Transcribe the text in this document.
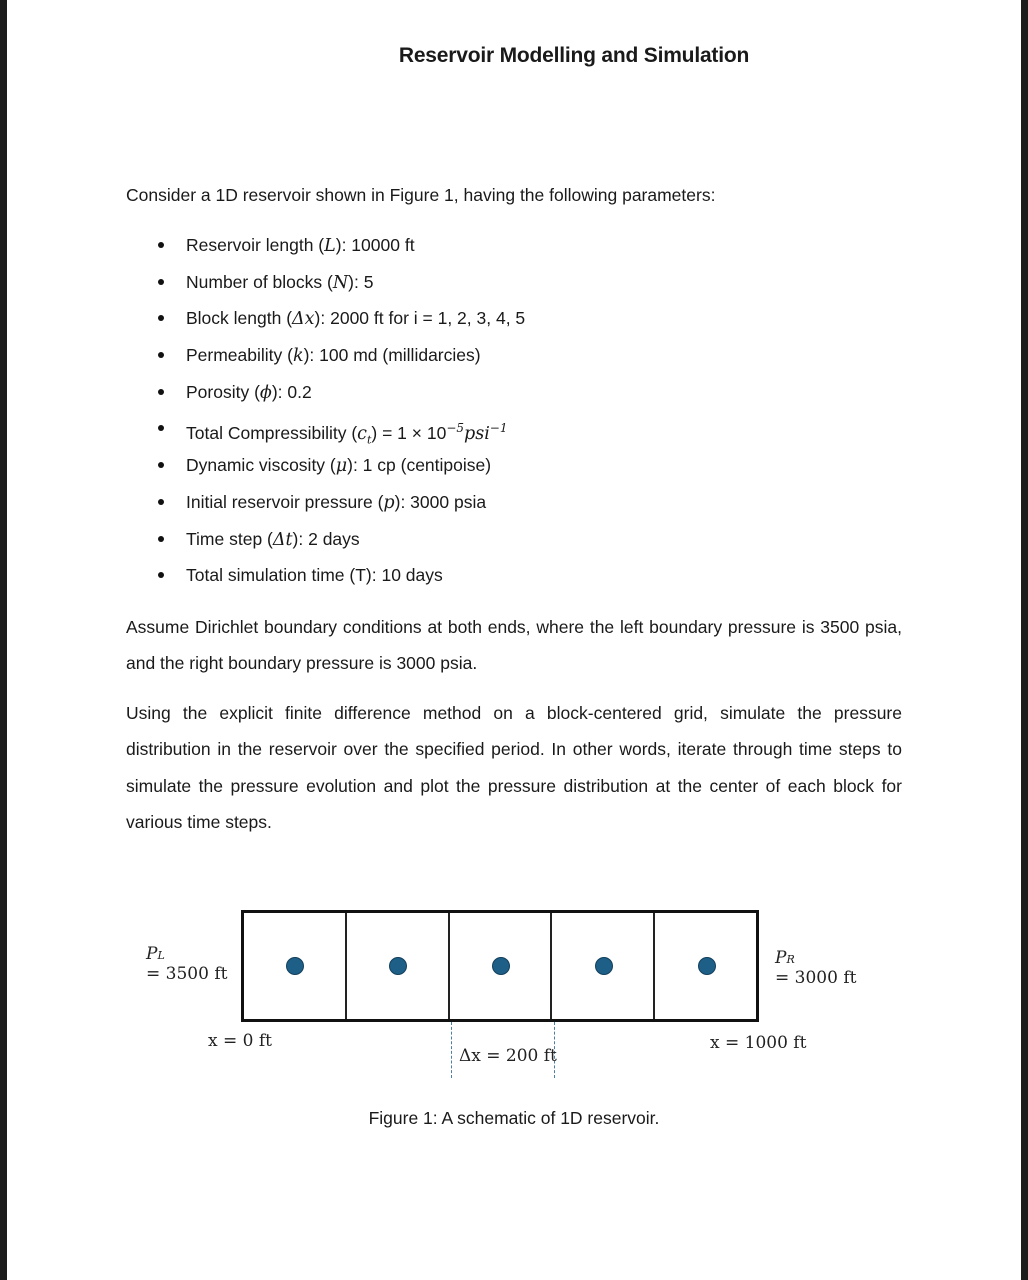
Reservoir Modelling and Simulation
Consider a 1D reservoir shown in Figure 1, having the following parameters:
Reservoir length (L): 10000 ft
Number of blocks (N): 5
Block length (Δx): 2000 ft for i = 1, 2, 3, 4, 5
Permeability (k): 100 md (millidarcies)
Porosity (ϕ): 0.2
Total Compressibility $(c_t) = 1 \times 10^{-5}psi^{-1}$
Dynamic viscosity (μ): 1 cp (centipoise)
Initial reservoir pressure (p): 3000 psia
Time step (Δt): 2 days
Total simulation time (T): 10 days
Assume Dirichlet boundary conditions at both ends, where the left boundary pressure is 3500 psia, and the right boundary pressure is 3000 psia.
Using the explicit finite difference method on a block-centered grid, simulate the pressure distribution in the reservoir over the specified period. In other words, iterate through time steps to simulate the pressure evolution and plot the pressure distribution at the center of each block for various time steps.
PL
= 3500 ft
PR
= 3000 ft
x = 0 ft	x = 1000 ft
Δx = 200 ft
Figure 1: A schematic of 1D reservoir.
